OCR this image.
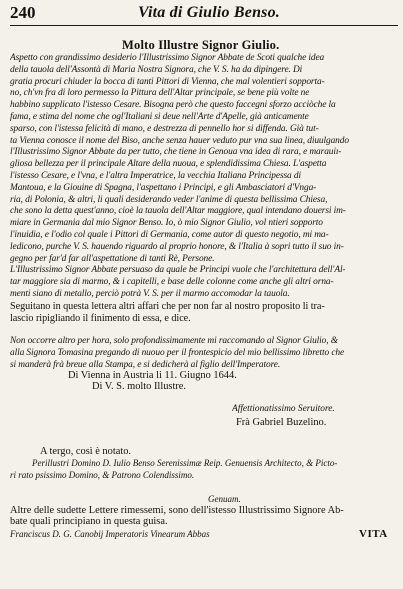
240	Vita di Giulio Benso.
Molto Illustre Signor Giulio.
Aspetto con grandissimo desiderio l'Illustrissimo Signor Abbate de Scoti qualche idea
della tauola dell'Assontà di Maria Nostra Signora, che V. S. ha da dipingere. Di
gratia procuri chiuder la bocca di tanti Pittori di Vienna, che mal volentieri sopporta-
no, ch'vn fra di loro permesso la Pittura dell'Altar principale, se bene più volte ne
habbino supplicato l'istesso Cesare. Bisogna però che questo faccegni sforzo acciòche la
fama, e stima del nome che ogl'Italiani si deue nell'Arte d'Apelle, già anticamente
sparso, con l'istessa felicità di mano, e destrezza di pennello hor si diffenda. Già tut-
ta Vienna conosce il nome del Biso, anche senza hauer veduto pur vna sua linea, diuulgando
l'Illustrissimo Signor Abbate da per tutto, che tiene in Genoua vna idea di rara, e marauiı-
gliosa bellezza per il principale Altare della nuoua, e splendidissima Chiesa. L'aspetta
l'istesso Cesare, e l'vna, e l'altra Imperatrice, la vecchia Italiana Principessa di
Mantoua, e la Giouine di Spagna, l'aspettano i Principi, e gli Ambasciatori d'Vnga-
ria, di Polonia, & altri, li quali desiderando veder l'anime di questa bellissima Chiesa,
che sono la detta quest'anno, cioè la tauola dell'Altar maggiore, qual intendano douersi im-
miare in Germania dal mio Signor Benso. Io, ò mio Signor Giulio, vol ntieri sopporto
l'inuidia, e l'odio col quale i Pittori di Germania, come autor di questo negotio, mi ma-
ledicono, purche V. S. hauendo riguardo al proprio honore, & l'Italia à sopri tutto il suo in-
gegno per far'd far all'aspettatione di tanti Rè, Persone.
L'Illustrissimo Signor Abbate persuaso da quale be Principi vuole che l'architettura dell'Al-
tar maggiore sia di marmo, & i capitelli, e base delle colonne come anche gli altri orna-
menti siano di metallo, perciò potrà V. S. per il marmo accomodar la tauola.
Seguitano in questa lettera altri affari che per non far al nostro proposito li tra-
lascio ripigliando il finimento di essa, e dice.
Non occorre altro per hora, solo profondissimamente mi raccomando al Signor Giulio, &
alla Signora Tomasina pregando di nuouo per il frontespicio del mio bellissimo libretto che
si manderà frà breue alla Stampa, e si dedicherà al figlio dell'Imperatore.
Di Vienna in Austria li 11. Giugno 1644.
Di V. S. molto Illustre.
Affettionatissimo Seruitore.
Frà Gabriel Buzelino.
A tergo, così è notato.
Perillustri Domino D. Iulio Benso Serenissimæ Reip. Genuensis Architecto, & Picto-
ri rato psissimo Domino, & Patrono Colendissimo.
Genuam.
Altre delle sudette Lettere rimessemi, sono dell'istesso Illustrissimo Signore Ab-
bate quali principiano in questa guisa.
Franciscus D. G. Canobij Imperatoris Vinearum Abbas	VITA
